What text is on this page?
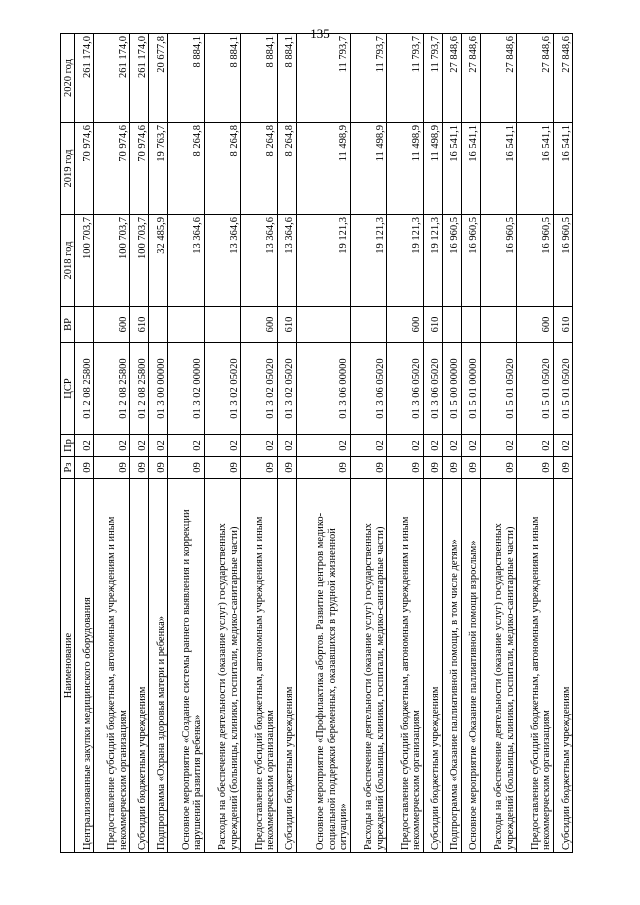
135
Наименование	Рз	Пр	ЦСР	ВР	2018 год	2019 год	2020 год
Централизованные закупки медицинского оборудования	09	02	01 2 08 25800		100 703,7	70 974,6	261 174,0
Предоставление субсидий бюджетным, автономным учреждениям и иным некоммерческим организациям	09	02	01 2 08 25800	600	100 703,7	70 974,6	261 174,0
Субсидии бюджетным учреждениям	09	02	01 2 08 25800	610	100 703,7	70 974,6	261 174,0
Подпрограмма «Охрана здоровья матери и ребенка»	09	02	01 3 00 00000		32 485,9	19 763,7	20 677,8
Основное мероприятие «Создание системы раннего выявления и коррекции нарушений развития ребенка»	09	02	01 3 02 00000		13 364,6	8 264,8	8 884,1
Расходы на обеспечение деятельности (оказание услуг) государственных учреждений (больницы, клиники, госпитали, медико-санитарные части)	09	02	01 3 02 05020		13 364,6	8 264,8	8 884,1
Предоставление субсидий бюджетным, автономным учреждениям и иным некоммерческим организациям	09	02	01 3 02 05020	600	13 364,6	8 264,8	8 884,1
Субсидии бюджетным учреждениям	09	02	01 3 02 05020	610	13 364,6	8 264,8	8 884,1
Основное мероприятие «Профилактика абортов. Развитие центров медико-социальной поддержки беременных, оказавшихся в трудной жизненной ситуации»	09	02	01 3 06 00000		19 121,3	11 498,9	11 793,7
Расходы на обеспечение деятельности (оказание услуг) государственных учреждений (больницы, клиники, госпитали, медико-санитарные части)	09	02	01 3 06 05020		19 121,3	11 498,9	11 793,7
Предоставление субсидий бюджетным, автономным учреждениям и иным некоммерческим организациям	09	02	01 3 06 05020	600	19 121,3	11 498,9	11 793,7
Субсидии бюджетным учреждениям	09	02	01 3 06 05020	610	19 121,3	11 498,9	11 793,7
Подпрограмма «Оказание паллиативной помощи, в том числе детям»	09	02	01 5 00 00000		16 960,5	16 541,1	27 848,6
Основное мероприятие «Оказание паллиативной помощи взрослым»	09	02	01 5 01 00000		16 960,5	16 541,1	27 848,6
Расходы на обеспечение деятельности (оказание услуг) государственных учреждений (больницы, клиники, госпитали, медико-санитарные части)	09	02	01 5 01 05020		16 960,5	16 541,1	27 848,6
Предоставление субсидий бюджетным, автономным учреждениям и иным некоммерческим организациям	09	02	01 5 01 05020	600	16 960,5	16 541,1	27 848,6
Субсидии бюджетным учреждениям	09	02	01 5 01 05020	610	16 960,5	16 541,1	27 848,6
